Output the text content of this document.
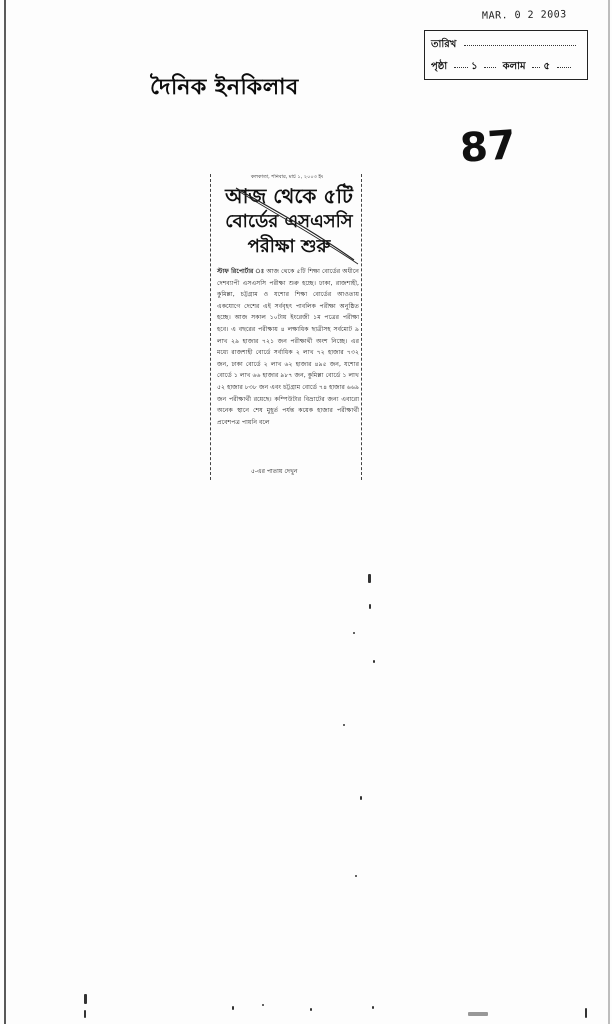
MAR. 0 2 2003
তারিখ
পৃষ্ঠা ১ কলাম ৫
দৈনিক ইনকিলাব
87
কলকাতা, শনিবার, মার্চ ১, ২০০৩ ইং
আজ থেকে ৫টি
বোর্ডের এসএসসি
পরীক্ষা শুরু
স্টাফ রিপোর্টার ঃ আজ থেকে ৫টি শিক্ষা বোর্ডের অধীনে দেশব্যাপী এসএসসি পরীক্ষা শুরু হচ্ছে। ঢাকা, রাজশাহী, কুমিল্লা, চট্টগ্রাম ও যশোর শিক্ষা বোর্ডের আওতায় একযোগে দেশের এই সর্ববৃহৎ পাবলিক পরীক্ষা অনুষ্ঠিত হচ্ছে। আজ সকাল ১০টায় ইংরেজী ১ম পত্রের পরীক্ষা হবে। এ বছরের পরীক্ষায় ৪ লক্ষাধিক ছাত্রীসহ সর্বমোট ৯ লাখ ২৯ হাজার ৭২১ জন পরীক্ষার্থী অংশ নিচ্ছে। এর মধ্যে রাজশাহী বোর্ডে সর্বাধিক ২ লাখ ৭২ হাজার ৭৩২ জন, ঢাকা বোর্ডে ২ লাখ ৬২ হাজার ৪৯৫ জন, যশোর বোর্ডে ১ লাখ ৬৬ হাজার ৯৮৭ জন, কুমিল্লা বোর্ডে ১ লাখ ৫২ হাজার ৮৩৮ জন এবং চট্টগ্রাম বোর্ডে ৭৪ হাজার ৬৬৯ জন পরীক্ষার্থী রয়েছে। কম্পিউটার বিভ্রাটের জন্য এবারো অনেক স্থানে শেষ মুহূর্ত পর্যন্ত কয়েক হাজার পরীক্ষার্থী প্রবেশপত্র পায়নি বলে
৫-এর পাতায় দেখুন
